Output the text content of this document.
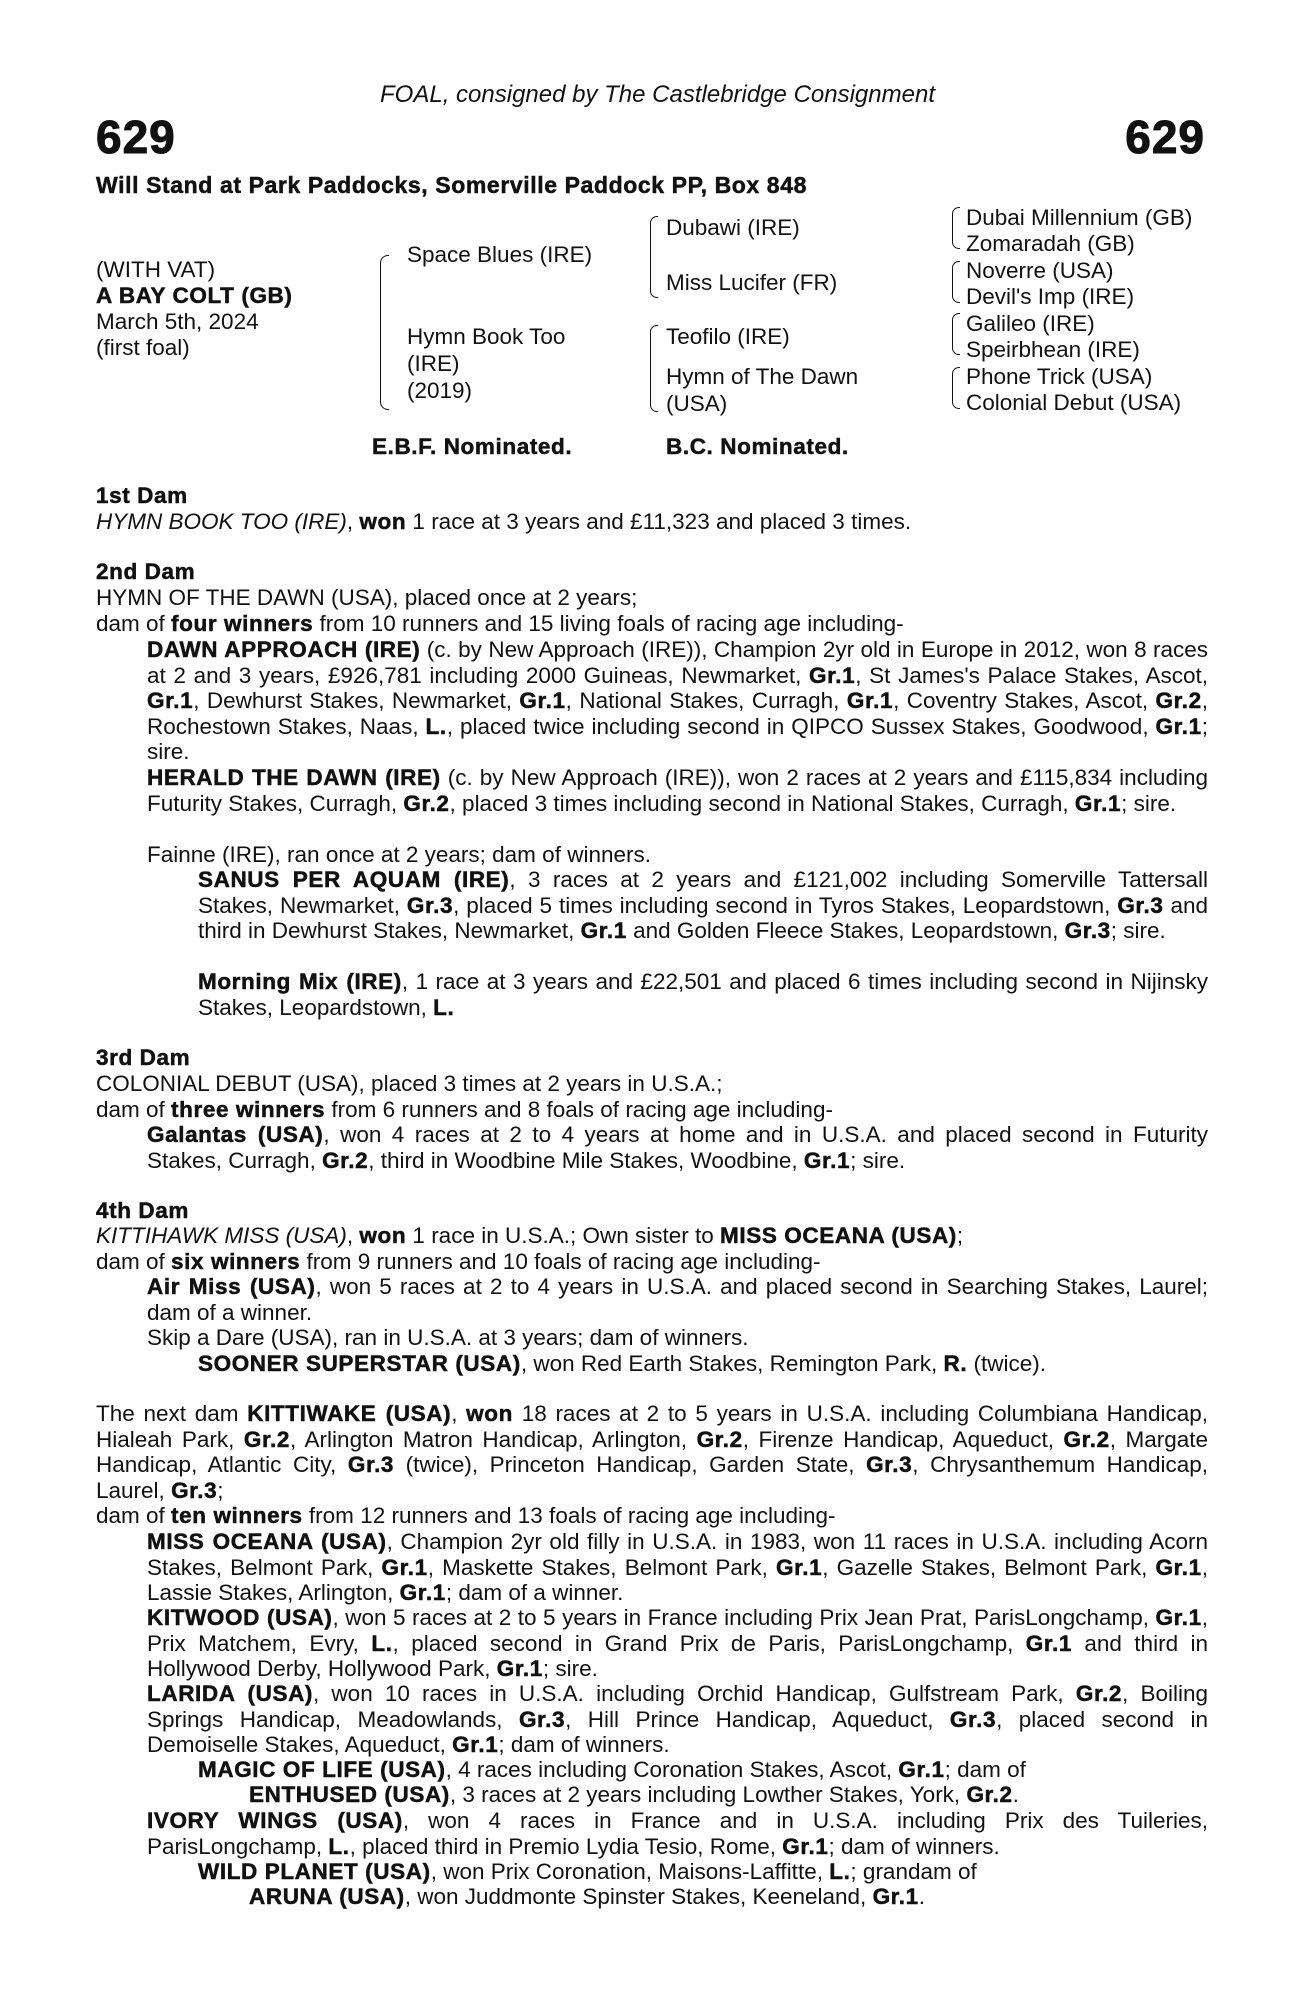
FOAL, consigned by The Castlebridge Consignment
629	629
Will Stand at Park Paddocks, Somerville Paddock PP, Box 848
(WITH VAT)
A BAY COLT (GB)
March 5th, 2024
(first foal)
Space Blues (IRE)
Hymn Book Too
(IRE)
(2019)
Dubawi (IRE)
Miss Lucifer (FR)
Teofilo (IRE)
Hymn of The Dawn
(USA)
Dubai Millennium (GB)
Zomaradah (GB)
Noverre (USA)
Devil's Imp (IRE)
Galileo (IRE)
Speirbhean (IRE)
Phone Trick (USA)
Colonial Debut (USA)
E.B.F. Nominated.	B.C. Nominated.
1st Dam
HYMN BOOK TOO (IRE), won 1 race at 3 years and £11,323 and placed 3 times.
2nd Dam
HYMN OF THE DAWN (USA), placed once at 2 years;
dam of four winners from 10 runners and 15 living foals of racing age including-
DAWN APPROACH (IRE) (c. by New Approach (IRE)), Champion 2yr old in Europe in 2012, won 8 races at 2 and 3 years, £926,781 including 2000 Guineas, Newmarket, Gr.1, St James's Palace Stakes, Ascot, Gr.1, Dewhurst Stakes, Newmarket, Gr.1, National Stakes, Curragh, Gr.1, Coventry Stakes, Ascot, Gr.2, Rochestown Stakes, Naas, L., placed twice including second in QIPCO Sussex Stakes, Goodwood, Gr.1; sire.
HERALD THE DAWN (IRE) (c. by New Approach (IRE)), won 2 races at 2 years and £115,834 including Futurity Stakes, Curragh, Gr.2, placed 3 times including second in National Stakes, Curragh, Gr.1; sire.
Fainne (IRE), ran once at 2 years; dam of winners.
SANUS PER AQUAM (IRE), 3 races at 2 years and £121,002 including Somerville Tattersall Stakes, Newmarket, Gr.3, placed 5 times including second in Tyros Stakes, Leopardstown, Gr.3 and third in Dewhurst Stakes, Newmarket, Gr.1 and Golden Fleece Stakes, Leopardstown, Gr.3; sire.
Morning Mix (IRE), 1 race at 3 years and £22,501 and placed 6 times including second in Nijinsky Stakes, Leopardstown, L.
3rd Dam
COLONIAL DEBUT (USA), placed 3 times at 2 years in U.S.A.;
dam of three winners from 6 runners and 8 foals of racing age including-
Galantas (USA), won 4 races at 2 to 4 years at home and in U.S.A. and placed second in Futurity Stakes, Curragh, Gr.2, third in Woodbine Mile Stakes, Woodbine, Gr.1; sire.
4th Dam
KITTIHAWK MISS (USA), won 1 race in U.S.A.; Own sister to MISS OCEANA (USA);
dam of six winners from 9 runners and 10 foals of racing age including-
Air Miss (USA), won 5 races at 2 to 4 years in U.S.A. and placed second in Searching Stakes, Laurel; dam of a winner.
Skip a Dare (USA), ran in U.S.A. at 3 years; dam of winners.
SOONER SUPERSTAR (USA), won Red Earth Stakes, Remington Park, R. (twice).
The next dam KITTIWAKE (USA), won 18 races at 2 to 5 years in U.S.A. including Columbiana Handicap, Hialeah Park, Gr.2, Arlington Matron Handicap, Arlington, Gr.2, Firenze Handicap, Aqueduct, Gr.2, Margate Handicap, Atlantic City, Gr.3 (twice), Princeton Handicap, Garden State, Gr.3, Chrysanthemum Handicap, Laurel, Gr.3;
dam of ten winners from 12 runners and 13 foals of racing age including-
MISS OCEANA (USA), Champion 2yr old filly in U.S.A. in 1983, won 11 races in U.S.A. including Acorn Stakes, Belmont Park, Gr.1, Maskette Stakes, Belmont Park, Gr.1, Gazelle Stakes, Belmont Park, Gr.1, Lassie Stakes, Arlington, Gr.1; dam of a winner.
KITWOOD (USA), won 5 races at 2 to 5 years in France including Prix Jean Prat, ParisLongchamp, Gr.1, Prix Matchem, Evry, L., placed second in Grand Prix de Paris, ParisLongchamp, Gr.1 and third in Hollywood Derby, Hollywood Park, Gr.1; sire.
LARIDA (USA), won 10 races in U.S.A. including Orchid Handicap, Gulfstream Park, Gr.2, Boiling Springs Handicap, Meadowlands, Gr.3, Hill Prince Handicap, Aqueduct, Gr.3, placed second in Demoiselle Stakes, Aqueduct, Gr.1; dam of winners.
MAGIC OF LIFE (USA), 4 races including Coronation Stakes, Ascot, Gr.1; dam of
ENTHUSED (USA), 3 races at 2 years including Lowther Stakes, York, Gr.2.
IVORY WINGS (USA), won 4 races in France and in U.S.A. including Prix des Tuileries, ParisLongchamp, L., placed third in Premio Lydia Tesio, Rome, Gr.1; dam of winners.
WILD PLANET (USA), won Prix Coronation, Maisons-Laffitte, L.; grandam of
ARUNA (USA), won Juddmonte Spinster Stakes, Keeneland, Gr.1.
